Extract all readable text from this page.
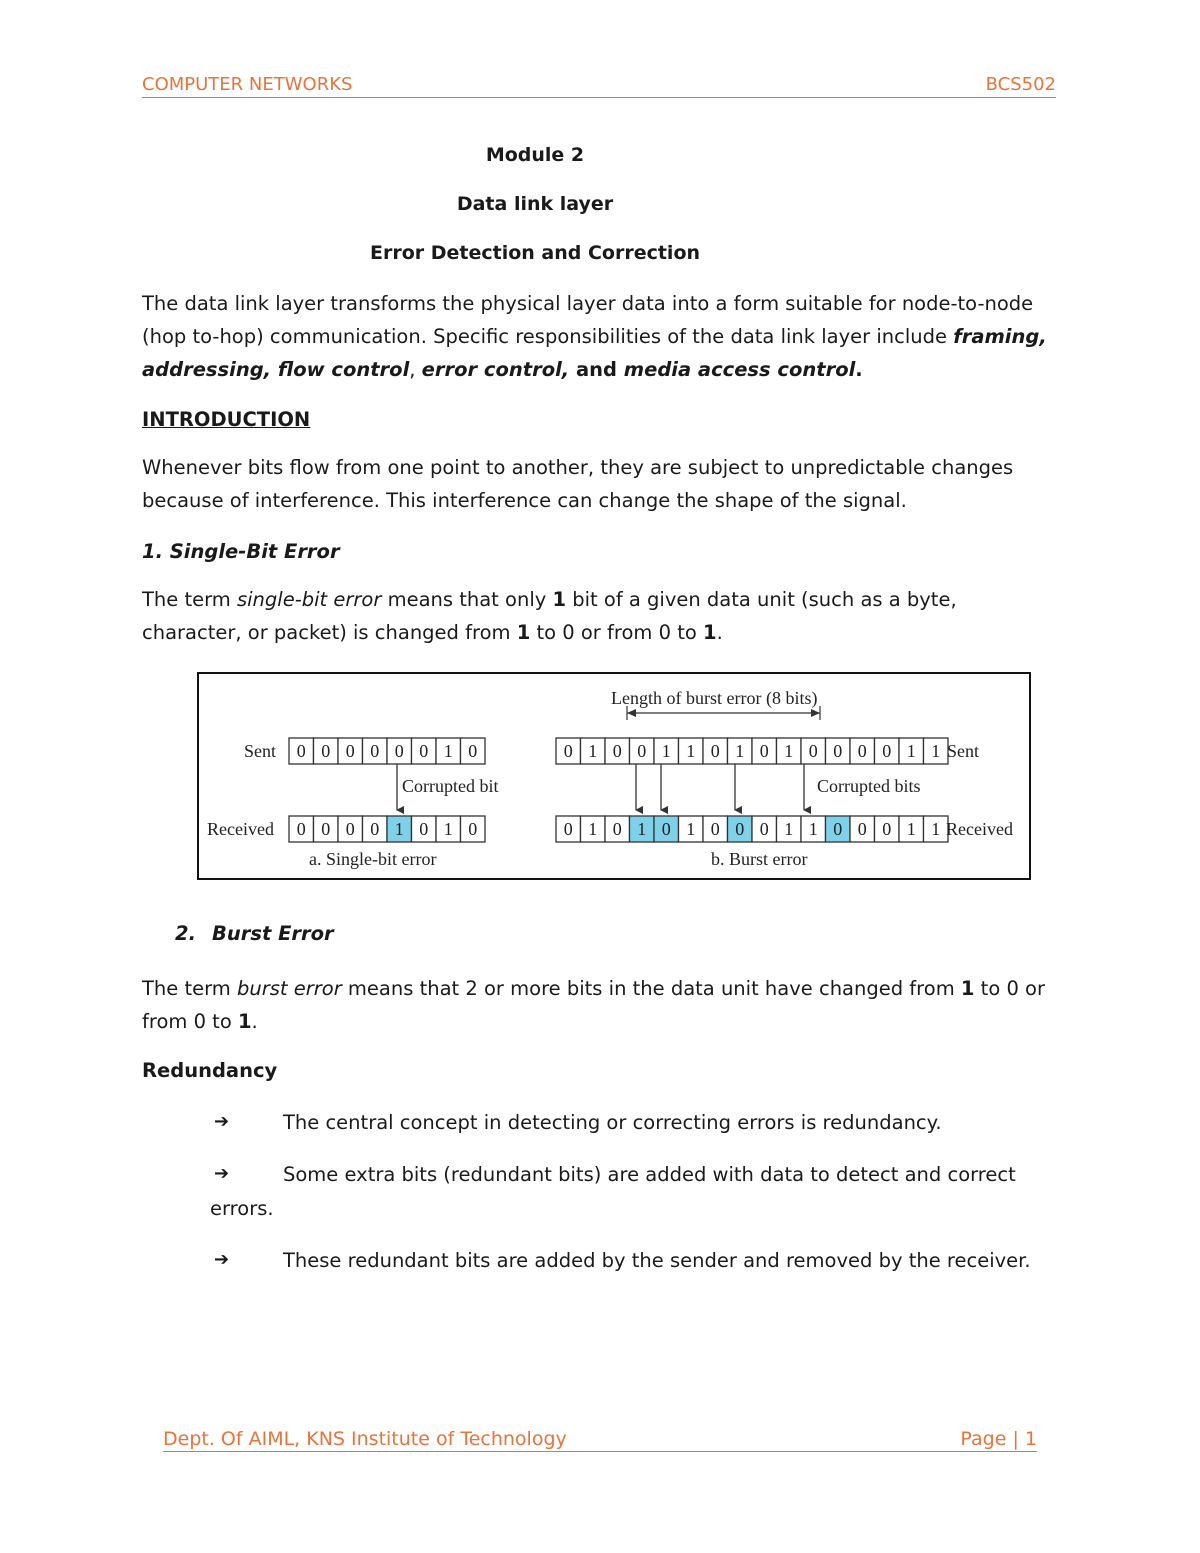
COMPUTER NETWORKS	BCS502
Module 2
Data link layer
Error Detection and Correction
The data link layer transforms the physical layer data into a form suitable for node-to-node (hop to-hop) communication. Specific responsibilities of the data link layer include framing, addressing, flow control, error control, and media access control.
INTRODUCTION
Whenever bits flow from one point to another, they are subject to unpredictable changes because of interference. This interference can change the shape of the signal.
1. Single-Bit Error
The term single-bit error means that only 1 bit of a given data unit (such as a byte, character, or packet) is changed from 1 to 0 or from 0 to 1.
0 0 0 0 0 0 1 0
0 0 0 0 1 0 1 0
0 1 0 0 1 1 0 1 0 1 0 0 0 0 1 1
0 1 0 1 0 1 0 0 0 1 1 0 0 0 1 1
Length of burst error (8 bits)
Sent
Received
Corrupted bit
a. Single-bit error
Sent
Received
Corrupted bits
b. Burst error
2. Burst Error
The term burst error means that 2 or more bits in the data unit have changed from 1 to 0 or from 0 to 1.
Redundancy
➔	The central concept in detecting or correcting errors is redundancy.
➔	Some extra bits (redundant bits) are added with data to detect and correct
errors.
➔	These redundant bits are added by the sender and removed by the receiver.
Dept. Of AIML, KNS Institute of Technology	Page | 1
